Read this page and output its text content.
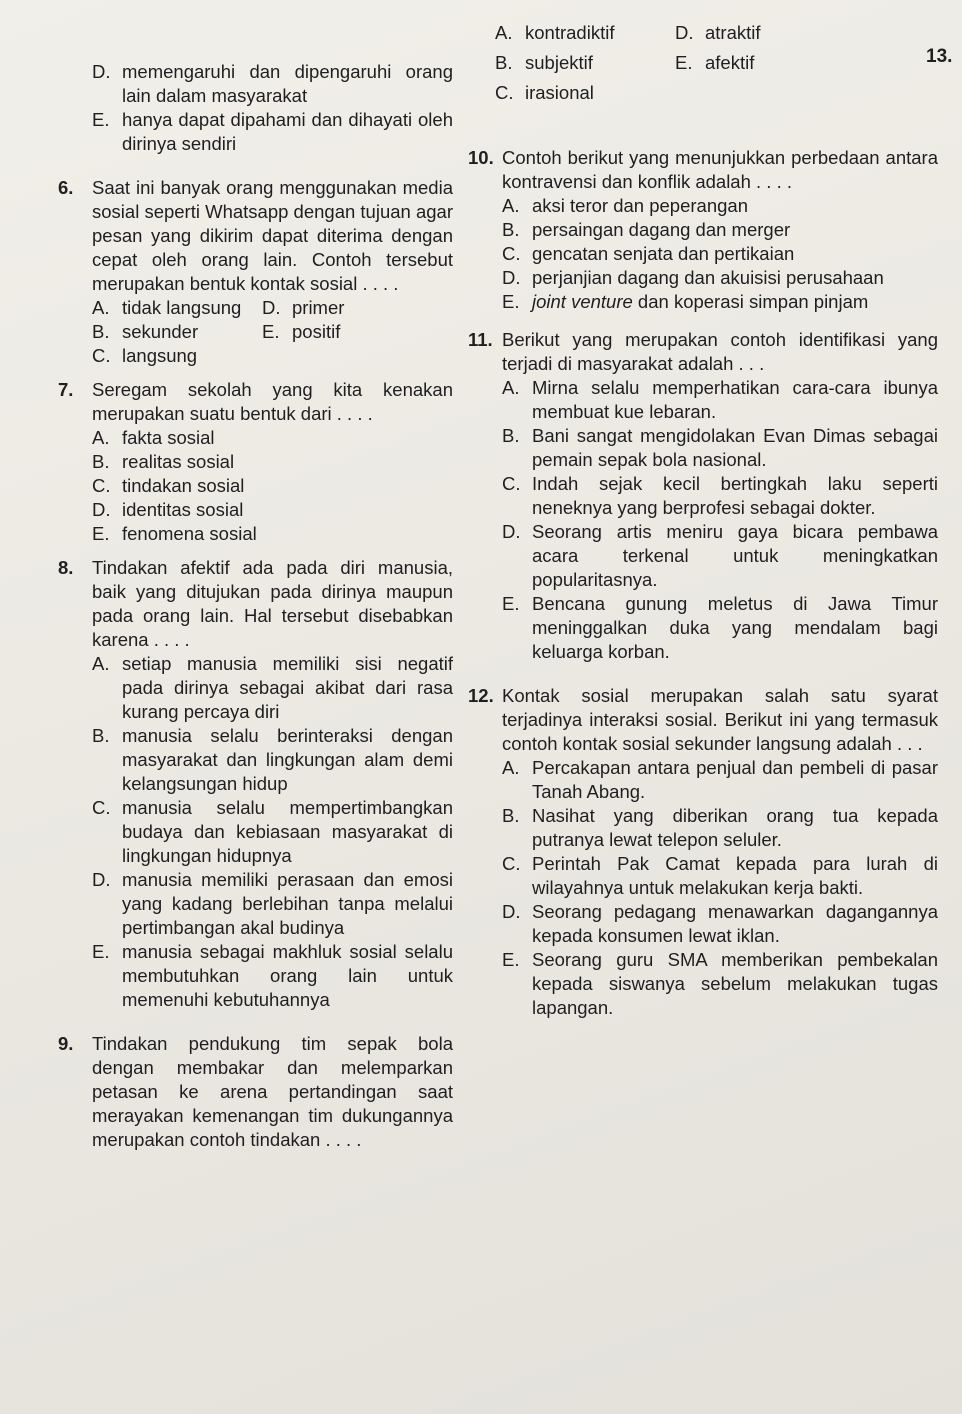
D. memengaruhi dan dipengaruhi orang lain dalam masyarakat
E. hanya dapat dipahami dan dihayati oleh dirinya sendiri
6.	Saat ini banyak orang menggunakan media sosial seperti Whatsapp dengan tujuan agar pesan yang dikirim dapat diterima dengan cepat oleh orang lain. Contoh tersebut merupakan bentuk kontak sosial . . . .
A. tidak langsung	D. primer
B. sekunder	E. positif
C. langsung
7.	Seregam sekolah yang kita kenakan merupakan suatu bentuk dari . . . .
A. fakta sosial
B. realitas sosial
C. tindakan sosial
D. identitas sosial
E. fenomena sosial
8.	Tindakan afektif ada pada diri manusia, baik yang ditujukan pada dirinya maupun pada orang lain. Hal tersebut disebabkan karena . . . .
A. setiap manusia memiliki sisi negatif pada dirinya sebagai akibat dari rasa kurang percaya diri
B. manusia selalu berinteraksi dengan masyarakat dan lingkungan alam demi kelangsungan hidup
C. manusia selalu mempertimbangkan budaya dan kebiasaan masyarakat di lingkungan hidupnya
D. manusia memiliki perasaan dan emosi yang kadang berlebihan tanpa melalui pertimbangan akal budinya
E. manusia sebagai makhluk sosial selalu membutuhkan orang lain untuk memenuhi kebutuhannya
9.	Tindakan pendukung tim sepak bola dengan membakar dan melemparkan petasan ke arena pertandingan saat merayakan kemenangan tim dukungannya merupakan contoh tindakan . . . .
A. kontradiktif	D. atraktif
B. subjektif	E. afektif
C. irasional
13.
10. Contoh berikut yang menunjukkan perbedaan antara kontravensi dan konflik adalah . . . .
A. aksi teror dan peperangan
B. persaingan dagang dan merger
C. gencatan senjata dan pertikaian
D. perjanjian dagang dan akuisisi perusahaan
E. joint venture dan koperasi simpan pinjam
11. Berikut yang merupakan contoh identifikasi yang terjadi di masyarakat adalah . . .
A. Mirna selalu memperhatikan cara-cara ibunya membuat kue lebaran.
B. Bani sangat mengidolakan Evan Dimas sebagai pemain sepak bola nasional.
C. Indah sejak kecil bertingkah laku seperti neneknya yang berprofesi sebagai dokter.
D. Seorang artis meniru gaya bicara pembawa acara terkenal untuk meningkatkan popularitasnya.
E. Bencana gunung meletus di Jawa Timur meninggalkan duka yang mendalam bagi keluarga korban.
12. Kontak sosial merupakan salah satu syarat terjadinya interaksi sosial. Berikut ini yang termasuk contoh kontak sosial sekunder langsung adalah . . .
A. Percakapan antara penjual dan pembeli di pasar Tanah Abang.
B. Nasihat yang diberikan orang tua kepada putranya lewat telepon seluler.
C. Perintah Pak Camat kepada para lurah di wilayahnya untuk melakukan kerja bakti.
D. Seorang pedagang menawarkan dagangannya kepada konsumen lewat iklan.
E. Seorang guru SMA memberikan pembekalan kepada siswanya sebelum melakukan tugas lapangan.
